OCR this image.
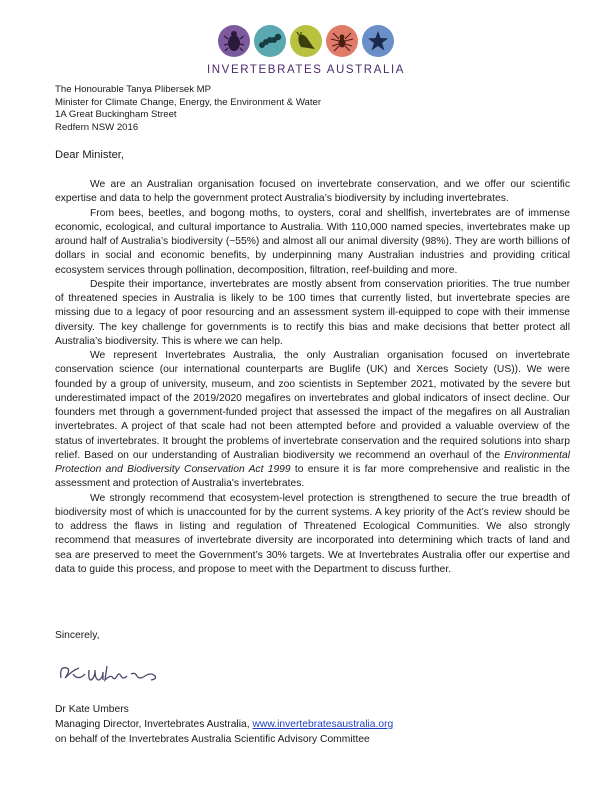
INVERTEBRATES AUSTRALIA
The Honourable Tanya Plibersek MP
Minister for Climate Change, Energy, the Environment & Water
1A Great Buckingham Street
Redfern NSW 2016
Dear Minister,

We are an Australian organisation focused on invertebrate conservation, and we offer our scientific expertise and data to help the government protect Australia’s biodiversity by including invertebrates.

From bees, beetles, and bogong moths, to oysters, coral and shellfish, invertebrates are of immense economic, ecological, and cultural importance to Australia. With 110,000 named species, invertebrates make up around half of Australia’s biodiversity (~55%) and almost all our animal diversity (98%). They are worth billions of dollars in social and economic benefits, by underpinning many Australian industries and providing critical ecosystem services through pollination, decomposition, filtration, reef-building and more.

Despite their importance, invertebrates are mostly absent from conservation priorities. The true number of threatened species in Australia is likely to be 100 times that currently listed, but invertebrate species are missing due to a legacy of poor resourcing and an assessment system ill-equipped to cope with their immense diversity. The key challenge for governments is to rectify this bias and make decisions that better protect all Australia’s biodiversity. This is where we can help.

We represent Invertebrates Australia, the only Australian organisation focused on invertebrate conservation science (our international counterparts are Buglife (UK) and Xerces Society (US)). We were founded by a group of university, museum, and zoo scientists in September 2021, motivated by the severe but underestimated impact of the 2019/2020 megafires on invertebrates and global indicators of insect decline. Our founders met through a government-funded project that assessed the impact of the megafires on all Australian invertebrates. A project of that scale had not been attempted before and provided a valuable overview of the status of invertebrates. It brought the problems of invertebrate conservation and the required solutions into sharp relief. Based on our understanding of Australian biodiversity we recommend an overhaul of the Environmental Protection and Biodiversity Conservation Act 1999 to ensure it is far more comprehensive and realistic in the assessment and protection of Australia's invertebrates.

We strongly recommend that ecosystem-level protection is strengthened to secure the true breadth of biodiversity most of which is unaccounted for by the current systems. A key priority of the Act’s review should be to address the flaws in listing and regulation of Threatened Ecological Communities. We also strongly recommend that measures of invertebrate diversity are incorporated into determining which tracts of land and sea are preserved to meet the Government’s 30% targets. We at Invertebrates Australia offer our expertise and data to guide this process, and propose to meet with the Department to discuss further.

Sincerely,
Dr Kate Umbers
Managing Director, Invertebrates Australia, www.invertebratesaustralia.org
on behalf of the Invertebrates Australia Scientific Advisory Committee
